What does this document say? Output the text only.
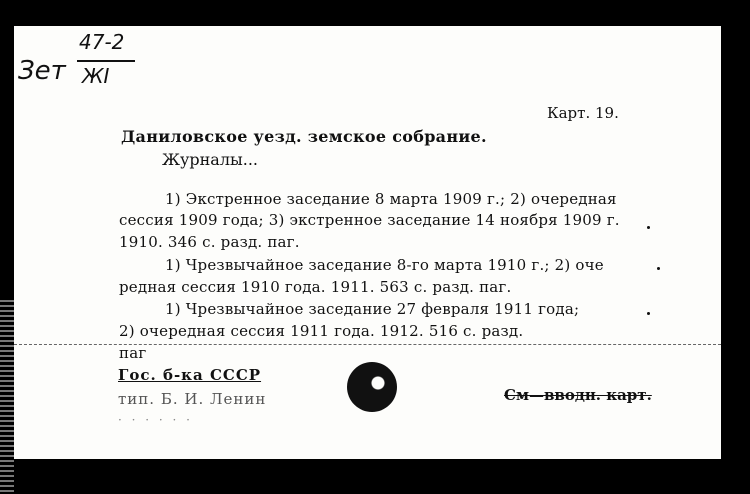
Зет
47-2
ЖI
Карт. 19.
Даниловское уезд. земское собрание.
Журналы...
1) Экстренное заседание 8 марта 1909 г.; 2) очередная
сессия 1909 года; 3) экстренное заседание 14 ноября 1909 г.
1910. 346 с. разд. паг.
1) Чрезвычайное заседание 8-го марта 1910 г.; 2) оче
редная сессия 1910 года. 1911. 563 с. разд. паг.
1) Чрезвычайное заседание 27 февраля 1911 года;
2) очередная сессия 1911 года. 1912. 516 с. разд.
паг
Гос. б-ка СССР
тип. Б. И. Ленин
· · · · · ·
Cм—вводн. карт.
